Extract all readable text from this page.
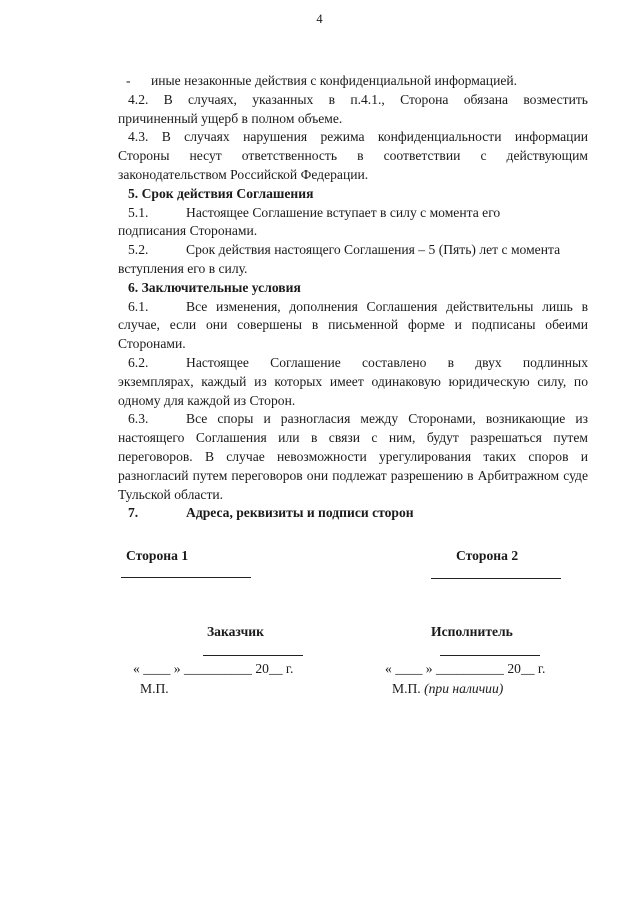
4
- иные незаконные действия с конфиденциальной информацией.
4.2. В случаях, указанных в п.4.1., Сторона обязана возместить
причиненный ущерб в полном объеме.
4.3. В случаях нарушения режима конфиденциальности информации
Стороны несут ответственность в соответствии с действующим
законодательством Российской Федерации.
5. Срок действия Соглашения
5.1.	Настоящее Соглашение вступает в силу с момента его
подписания Сторонами.
5.2.	Срок действия настоящего Соглашения – 5 (Пять) лет с момента
вступления его в силу.
6. Заключительные условия
6.1.	Все изменения, дополнения Соглашения действительны лишь в
случае, если они совершены в письменной форме и подписаны обеими
Сторонами.
6.2.	Настоящее Соглашение составлено в двух подлинных
экземплярах, каждый из которых имеет одинаковую юридическую силу, по
одному для каждой из Сторон.
6.3.	Все споры и разногласия между Сторонами, возникающие из
настоящего Соглашения или в связи с ним, будут разрешаться путем
переговоров. В случае невозможности урегулирования таких споров и
разногласий путем переговоров они подлежат разрешению в Арбитражном суде
Тульской области.
7.	Адреса, реквизиты и подписи сторон
Сторона 1	Сторона 2
Заказчик
« ____ » __________ 20__ г.
М.П.
Исполнитель
« ____ » __________ 20__ г.
М.П. (при наличии)
